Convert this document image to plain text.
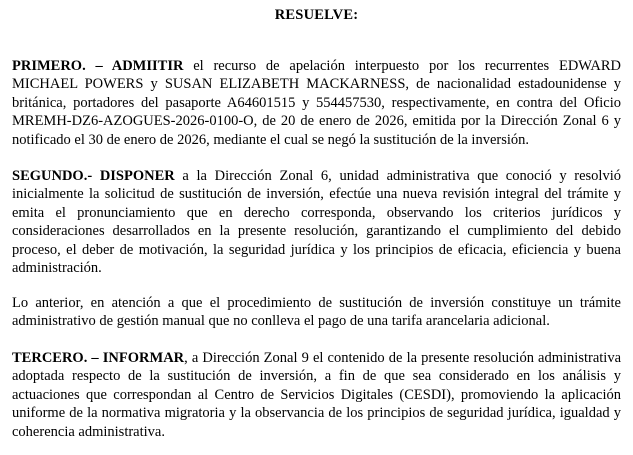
RESUELVE:

PRIMERO. – ADMIITIR el recurso de apelación interpuesto por los recurrentes EDWARD MICHAEL POWERS y SUSAN ELIZABETH MACKARNESS, de nacionalidad estadounidense y británica, portadores del pasaporte A64601515 y 554457530, respectivamente, en contra del Oficio MREMH-DZ6-AZOGUES-2026-0100-O, de 20 de enero de 2026, emitida por la Dirección Zonal 6 y notificado el 30 de enero de 2026, mediante el cual se negó la sustitución de la inversión.

SEGUNDO.- DISPONER a la Dirección Zonal 6, unidad administrativa que conoció y resolvió inicialmente la solicitud de sustitución de inversión, efectúe una nueva revisión integral del trámite y emita el pronunciamiento que en derecho corresponda, observando los criterios jurídicos y consideraciones desarrollados en la presente resolución, garantizando el cumplimiento del debido proceso, el deber de motivación, la seguridad jurídica y los principios de eficacia, eficiencia y buena administración.

Lo anterior, en atención a que el procedimiento de sustitución de inversión constituye un trámite administrativo de gestión manual que no conlleva el pago de una tarifa arancelaria adicional.

TERCERO. – INFORMAR, a Dirección Zonal 9 el contenido de la presente resolución administrativa adoptada respecto de la sustitución de inversión, a fin de que sea considerado en los análisis y actuaciones que correspondan al Centro de Servicios Digitales (CESDI), promoviendo la aplicación uniforme de la normativa migratoria y la observancia de los principios de seguridad jurídica, igualdad y coherencia administrativa.
